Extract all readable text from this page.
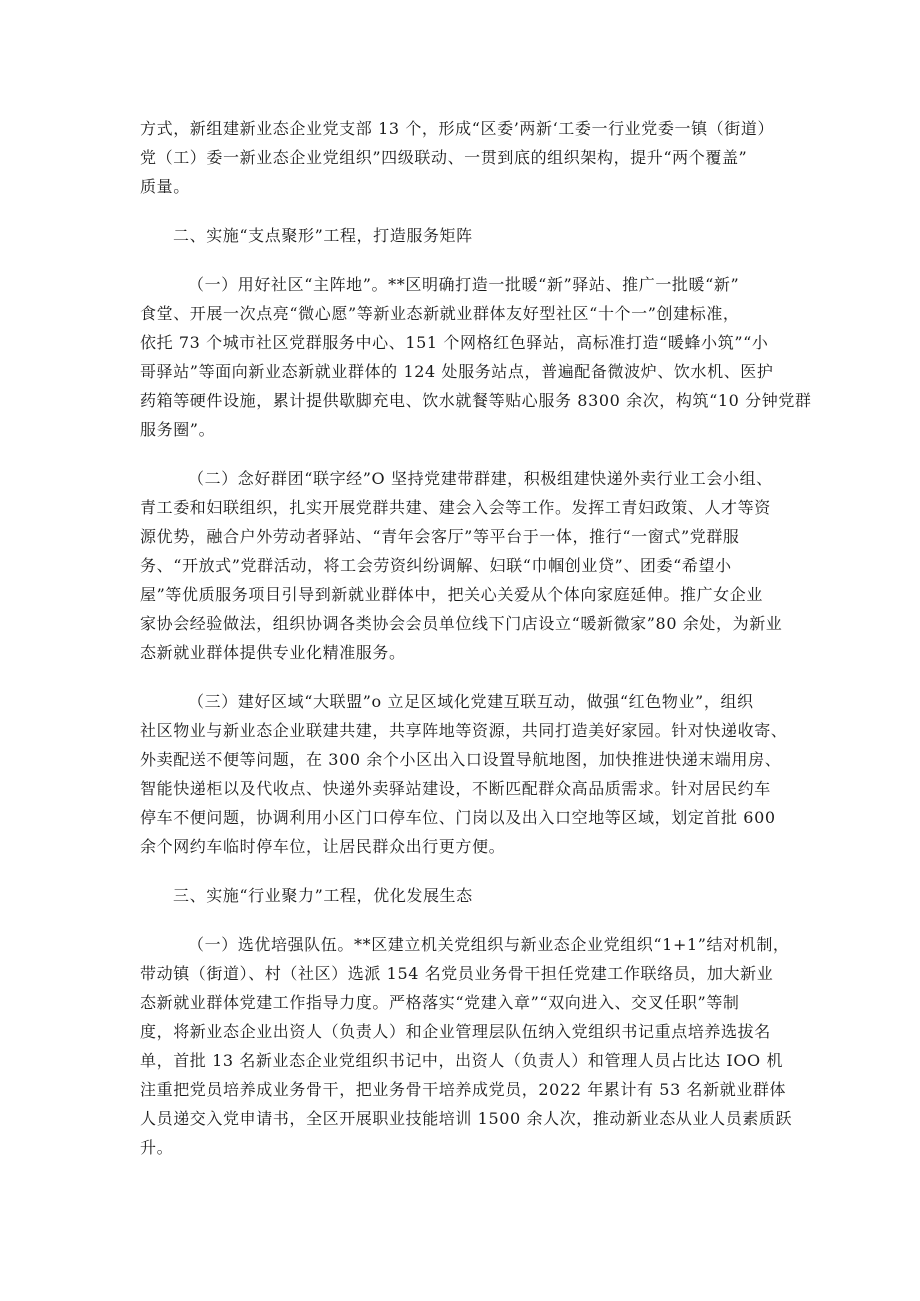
方式，新组建新业态企业党支部 13 个，形成“区委’两新‘工委一行业党委一镇（街道）
党（工）委一新业态企业党组织”四级联动、一贯到底的组织架构，提升“两个覆盖”
质量。
二、实施“支点聚形”工程，打造服务矩阵
（一）用好社区“主阵地”。**区明确打造一批暖“新”驿站、推广一批暖“新”
食堂、开展一次点亮“微心愿”等新业态新就业群体友好型社区“十个一”创建标准，
依托 73 个城市社区党群服务中心、151 个网格红色驿站，高标准打造“暖蜂小筑”“小
哥驿站”等面向新业态新就业群体的 124 处服务站点，普遍配备微波炉、饮水机、医护
药箱等硬件设施，累计提供歇脚充电、饮水就餐等贴心服务 8300 余次，构筑“10 分钟党群
服务圈”。
（二）念好群团“联字经”O 坚持党建带群建，积极组建快递外卖行业工会小组、
青工委和妇联组织，扎实开展党群共建、建会入会等工作。发挥工青妇政策、人才等资
源优势，融合户外劳动者驿站、“青年会客厅”等平台于一体，推行“一窗式”党群服
务、“开放式”党群活动，将工会劳资纠纷调解、妇联“巾帼创业贷”、团委“希望小
屋”等优质服务项目引导到新就业群体中，把关心关爱从个体向家庭延伸。推广女企业
家协会经验做法，组织协调各类协会会员单位线下门店设立“暖新微家”80 余处，为新业
态新就业群体提供专业化精准服务。
（三）建好区域“大联盟”o 立足区域化党建互联互动，做强“红色物业”，组织
社区物业与新业态企业联建共建，共享阵地等资源，共同打造美好家园。针对快递收寄、
外卖配送不便等问题，在 300 余个小区出入口设置导航地图，加快推进快递末端用房、
智能快递柜以及代收点、快递外卖驿站建设，不断匹配群众高品质需求。针对居民约车
停车不便问题，协调利用小区门口停车位、门岗以及出入口空地等区域，划定首批 600
余个网约车临时停车位，让居民群众出行更方便。
三、实施“行业聚力”工程，优化发展生态
（一）选优培强队伍。**区建立机关党组织与新业态企业党组织“1+1”结对机制，
带动镇（街道）、村（社区）选派 154 名党员业务骨干担任党建工作联络员，加大新业
态新就业群体党建工作指导力度。严格落实“党建入章”“双向进入、交叉任职”等制
度，将新业态企业出资人（负责人）和企业管理层队伍纳入党组织书记重点培养选拔名
单，首批 13 名新业态企业党组织书记中，出资人（负责人）和管理人员占比达 IOO 机
注重把党员培养成业务骨干，把业务骨干培养成党员，2022 年累计有 53 名新就业群体
人员递交入党申请书，全区开展职业技能培训 1500 余人次，推动新业态从业人员素质跃
升。
